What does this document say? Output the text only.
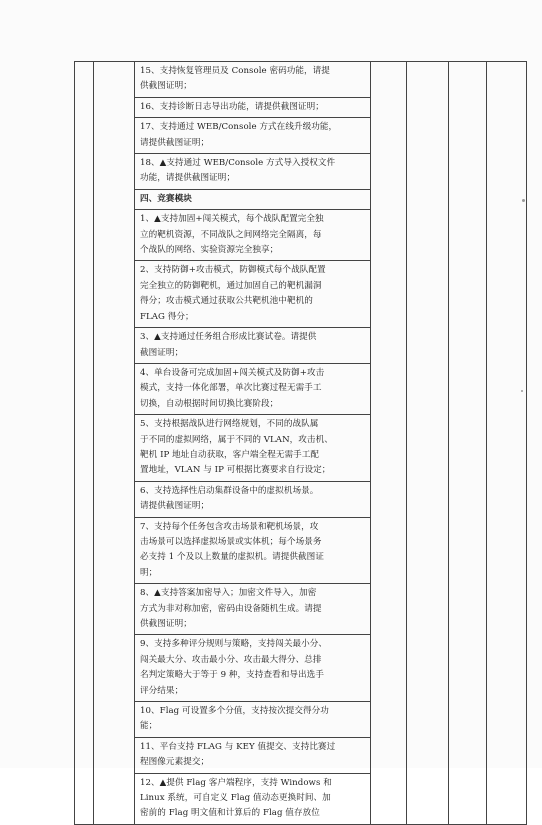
15、支持恢复管理员及 Console 密码功能，请提
供截图证明；
16、支持诊断日志导出功能，请提供截图证明；
17、支持通过 WEB/Console 方式在线升级功能，
请提供截图证明；
18、▲支持通过 WEB/Console 方式导入授权文件
功能，请提供截图证明；
四、竞赛模块
1、▲支持加固+闯关模式，每个战队配置完全独
立的靶机资源，不同战队之间网络完全隔离，每
个战队的网络、实验资源完全独享；
2、支持防御+攻击模式，防御模式每个战队配置
完全独立的防御靶机，通过加固自己的靶机漏洞
得分；攻击模式通过获取公共靶机池中靶机的
FLAG 得分；
3、▲支持通过任务组合形成比赛试卷。请提供
截图证明；
4、单台设备可完成加固+闯关模式及防御+攻击
模式，支持一体化部署，单次比赛过程无需手工
切换，自动根据时间切换比赛阶段；
5、支持根据战队进行网络规划，不同的战队属
于不同的虚拟网络，属于不同的 VLAN，攻击机、
靶机 IP 地址自动获取，客户端全程无需手工配
置地址，VLAN 与 IP 可根据比赛要求自行设定；
6、支持选择性启动集群设备中的虚拟机场景。
请提供截图证明；
7、支持每个任务包含攻击场景和靶机场景，攻
击场景可以选择虚拟场景或实体机；每个场景务
必支持 1 个及以上数量的虚拟机。请提供截图证
明；
8、▲支持答案加密导入；加密文件导入，加密
方式为非对称加密，密码由设备随机生成。请提
供截图证明；
9、支持多种评分规则与策略，支持闯关最小分、
闯关最大分、攻击最小分、攻击最大得分、总排
名判定策略大于等于 9 种，支持查看和导出选手
评分结果；
10、Flag 可设置多个分值，支持按次提交得分功
能；
11、平台支持 FLAG 与 KEY 值提交、支持比赛过
程图像元素提交；
12、▲提供 Flag 客户端程序，支持 Windows 和
Linux 系统，可自定义 Flag 值动态更换时间、加
密前的 Flag 明文值和计算后的 Flag 值存放位
